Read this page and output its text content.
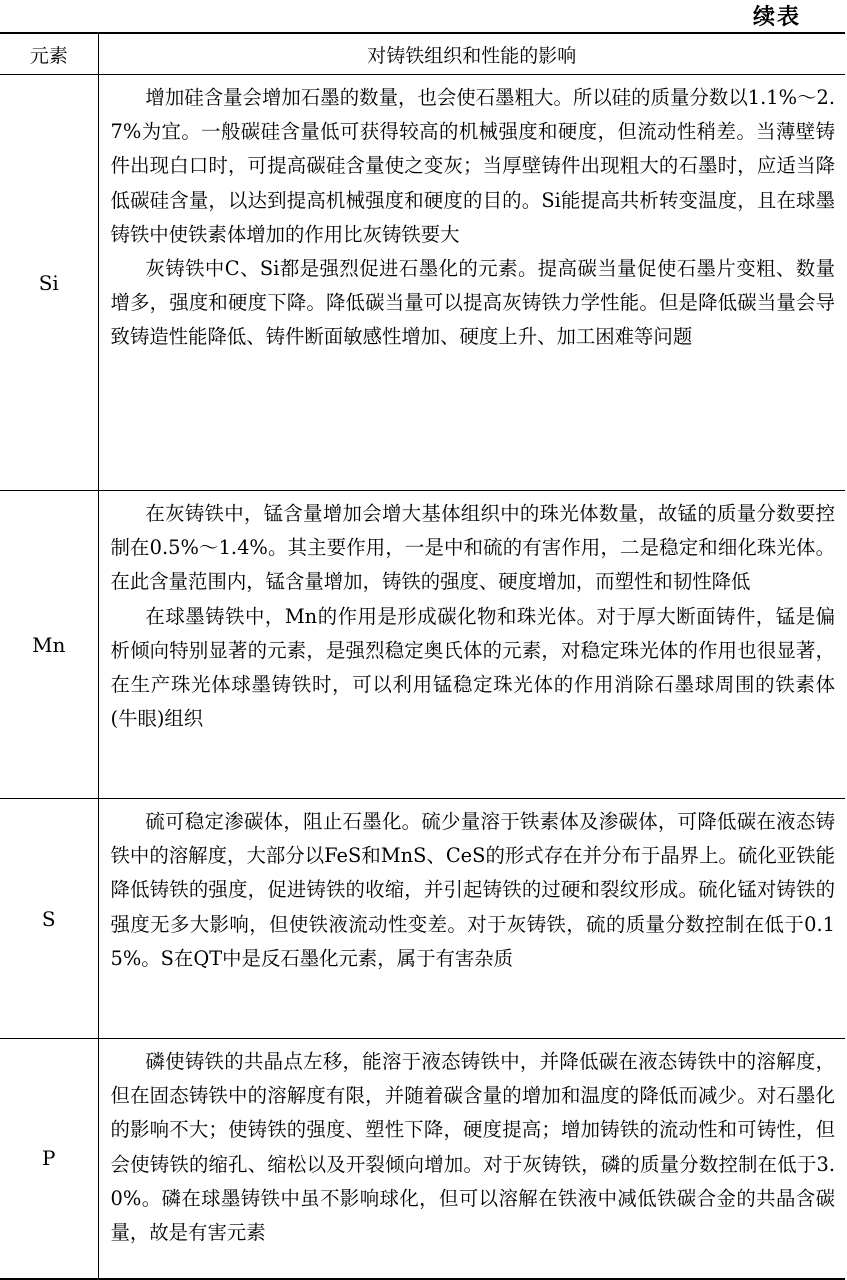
续表
元素	对铸铁组织和性能的影响
Si	增加硅含量会增加石墨的数量，也会使石墨粗大。所以硅的质量分数以1.1%～2.7%为宜。一般碳硅含量低可获得较高的机械强度和硬度，但流动性稍差。当薄壁铸件出现白口时，可提高碳硅含量使之变灰；当厚壁铸件出现粗大的石墨时，应适当降低碳硅含量，以达到提高机械强度和硬度的目的。Si能提高共析转变温度，且在球墨铸铁中使铁素体增加的作用比灰铸铁要大

灰铸铁中C、Si都是强烈促进石墨化的元素。提高碳当量促使石墨片变粗、数量增多，强度和硬度下降。降低碳当量可以提高灰铸铁力学性能。但是降低碳当量会导致铸造性能降低、铸件断面敏感性增加、硬度上升、加工困难等问题

Mn	在灰铸铁中，锰含量增加会增大基体组织中的珠光体数量，故锰的质量分数要控制在0.5%～1.4%。其主要作用，一是中和硫的有害作用，二是稳定和细化珠光体。在此含量范围内，锰含量增加，铸铁的强度、硬度增加，而塑性和韧性降低

在球墨铸铁中，Mn的作用是形成碳化物和珠光体。对于厚大断面铸件，锰是偏析倾向特别显著的元素，是强烈稳定奥氏体的元素，对稳定珠光体的作用也很显著，在生产珠光体球墨铸铁时，可以利用锰稳定珠光体的作用消除石墨球周围的铁素体(牛眼)组织

S	硫可稳定渗碳体，阻止石墨化。硫少量溶于铁素体及渗碳体，可降低碳在液态铸铁中的溶解度，大部分以FeS和MnS、CeS的形式存在并分布于晶界上。硫化亚铁能降低铸铁的强度，促进铸铁的收缩，并引起铸铁的过硬和裂纹形成。硫化锰对铸铁的强度无多大影响，但使铁液流动性变差。对于灰铸铁，硫的质量分数控制在低于0.15%。S在QT中是反石墨化元素，属于有害杂质

P	磷使铸铁的共晶点左移，能溶于液态铸铁中，并降低碳在液态铸铁中的溶解度，但在固态铸铁中的溶解度有限，并随着碳含量的增加和温度的降低而减少。对石墨化的影响不大；使铸铁的强度、塑性下降，硬度提高；增加铸铁的流动性和可铸性，但会使铸铁的缩孔、缩松以及开裂倾向增加。对于灰铸铁，磷的质量分数控制在低于3.0%。磷在球墨铸铁中虽不影响球化，但可以溶解在铁液中减低铁碳合金的共晶含碳量，故是有害元素
